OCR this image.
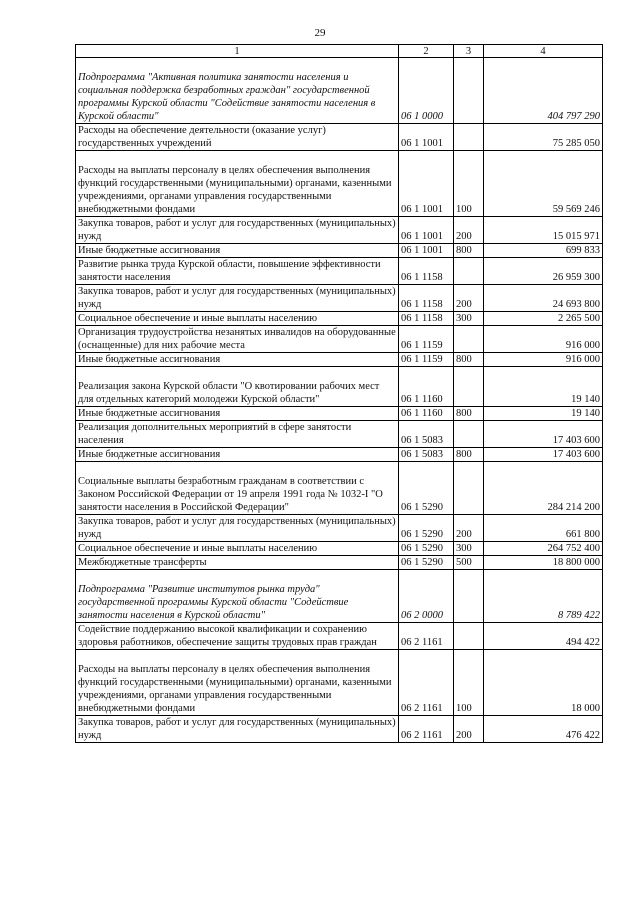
29
1	2	3	4
Подпрограмма "Активная политика занятости населения и социальная поддержка безработных граждан" государственной программы Курской области "Содействие занятости населения в Курской области"	06 1 0000		404 797 290
Расходы на обеспечение деятельности (оказание услуг) государственных учреждений	06 1 1001		75 285 050
Расходы на выплаты персоналу в целях обеспечения выполнения функций государственными (муниципальными) органами, казенными учреждениями, органами управления государственными внебюджетными фондами	06 1 1001	100	59 569 246
Закупка товаров, работ и услуг для государственных (муниципальных) нужд	06 1 1001	200	15 015 971
Иные бюджетные ассигнования	06 1 1001	800	699 833
Развитие рынка труда Курской области, повышение эффективности занятости населения	06 1 1158		26 959 300
Закупка товаров, работ и услуг для государственных (муниципальных) нужд	06 1 1158	200	24 693 800
Социальное обеспечение и иные выплаты населению	06 1 1158	300	2 265 500
Организация трудоустройства незанятых инвалидов на оборудованные (оснащенные) для них рабочие места	06 1 1159		916 000
Иные бюджетные ассигнования	06 1 1159	800	916 000
Реализация закона Курской области "О квотировании рабочих мест для отдельных категорий молодежи Курской области"	06 1 1160		19 140
Иные бюджетные ассигнования	06 1 1160	800	19 140
Реализация дополнительных мероприятий в сфере занятости населения	06 1 5083		17 403 600
Иные бюджетные ассигнования	06 1 5083	800	17 403 600
Социальные выплаты безработным гражданам в соответствии с Законом Российской Федерации от 19 апреля 1991 года № 1032-I "О занятости населения в Российской Федерации"	06 1 5290		284 214 200
Закупка товаров, работ и услуг для государственных (муниципальных) нужд	06 1 5290	200	661 800
Социальное обеспечение и иные выплаты населению	06 1 5290	300	264 752 400
Межбюджетные трансферты	06 1 5290	500	18 800 000
Подпрограмма "Развитие институтов рынка труда" государственной программы Курской области "Содействие занятости населения в Курской области"	06 2 0000		8 789 422
Содействие поддержанию высокой квалификации и сохранению здоровья работников, обеспечение защиты трудовых прав граждан	06 2 1161		494 422
Расходы на выплаты персоналу в целях обеспечения выполнения функций государственными (муниципальными) органами, казенными учреждениями, органами управления государственными внебюджетными фондами	06 2 1161	100	18 000
Закупка товаров, работ и услуг для государственных (муниципальных) нужд	06 2 1161	200	476 422
